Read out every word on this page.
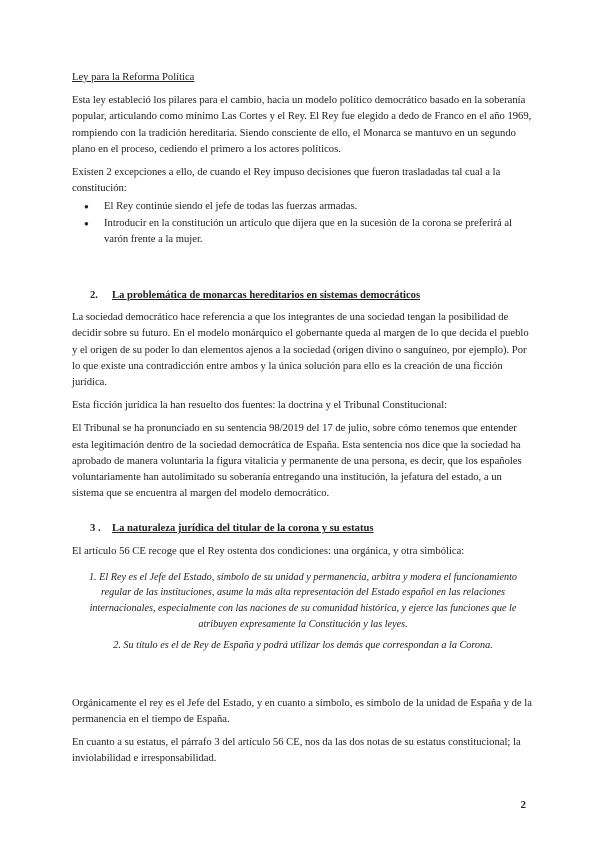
Ley para la Reforma Política

Esta ley estableció los pilares para el cambio, hacia un modelo político democrático basado en la soberanía popular, articulando como mínimo Las Cortes y el Rey. El Rey fue elegido a dedo de Franco en el año 1969, rompiendo con la tradición hereditaria. Siendo consciente de ello, el Monarca se mantuvo en un segundo plano en el proceso, cediendo el primero a los actores políticos.

Existen 2 excepciones a ello, de cuando el Rey impuso decisiones que fueron trasladadas tal cual a la constitución:

● El Rey continúe siendo el jefe de todas las fuerzas armadas.
● Introducir en la constitución un artículo que dijera que en la sucesión de la corona se preferirá al varón frente a la mujer.

2. La problemática de monarcas hereditarios en sistemas democráticos

La sociedad democrático hace referencia a que los integrantes de una sociedad tengan la posibilidad de decidir sobre su futuro. En el modelo monárquico el gobernante queda al margen de lo que decida el pueblo y el origen de su poder lo dan elementos ajenos a la sociedad (origen divino o sanguíneo, por ejemplo). Por lo que existe una contradicción entre ambos y la única solución para ello es la creación de una ficción jurídica.

Esta ficción jurídica la han resuelto dos fuentes: la doctrina y el Tribunal Constitucional:

El Tribunal se ha pronunciado en su sentencia 98/2019 del 17 de julio, sobre cómo tenemos que entender esta legitimación dentro de la sociedad democrática de España. Esta sentencia nos dice que la sociedad ha aprobado de manera voluntaria la figura vitalicia y permanente de una persona, es decir, que los españoles voluntariamente han autolimitado su soberanía entregando una institución, la jefatura del estado, a un sistema que se encuentra al margen del modelo democrático.

3 . La naturaleza jurídica del titular de la corona y su estatus

El artículo 56 CE recoge que el Rey ostenta dos condiciones: una orgánica, y otra simbólica:

1. El Rey es el Jefe del Estado, símbolo de su unidad y permanencia, arbitra y modera el funcionamiento regular de las instituciones, asume la más alta representación del Estado español en las relaciones internacionales, especialmente con las naciones de su comunidad histórica, y ejerce las funciones que le atribuyen expresamente la Constitución y las leyes.

2. Su título es el de Rey de España y podrá utilizar los demás que correspondan a la Corona.

Orgánicamente el rey es el Jefe del Estado, y en cuanto a símbolo, es símbolo de la unidad de España y de la permanencia en el tiempo de España.

En cuanto a su estatus, el párrafo 3 del artículo 56 CE, nos da las dos notas de su estatus constitucional; la inviolabilidad e irresponsabilidad.

2
